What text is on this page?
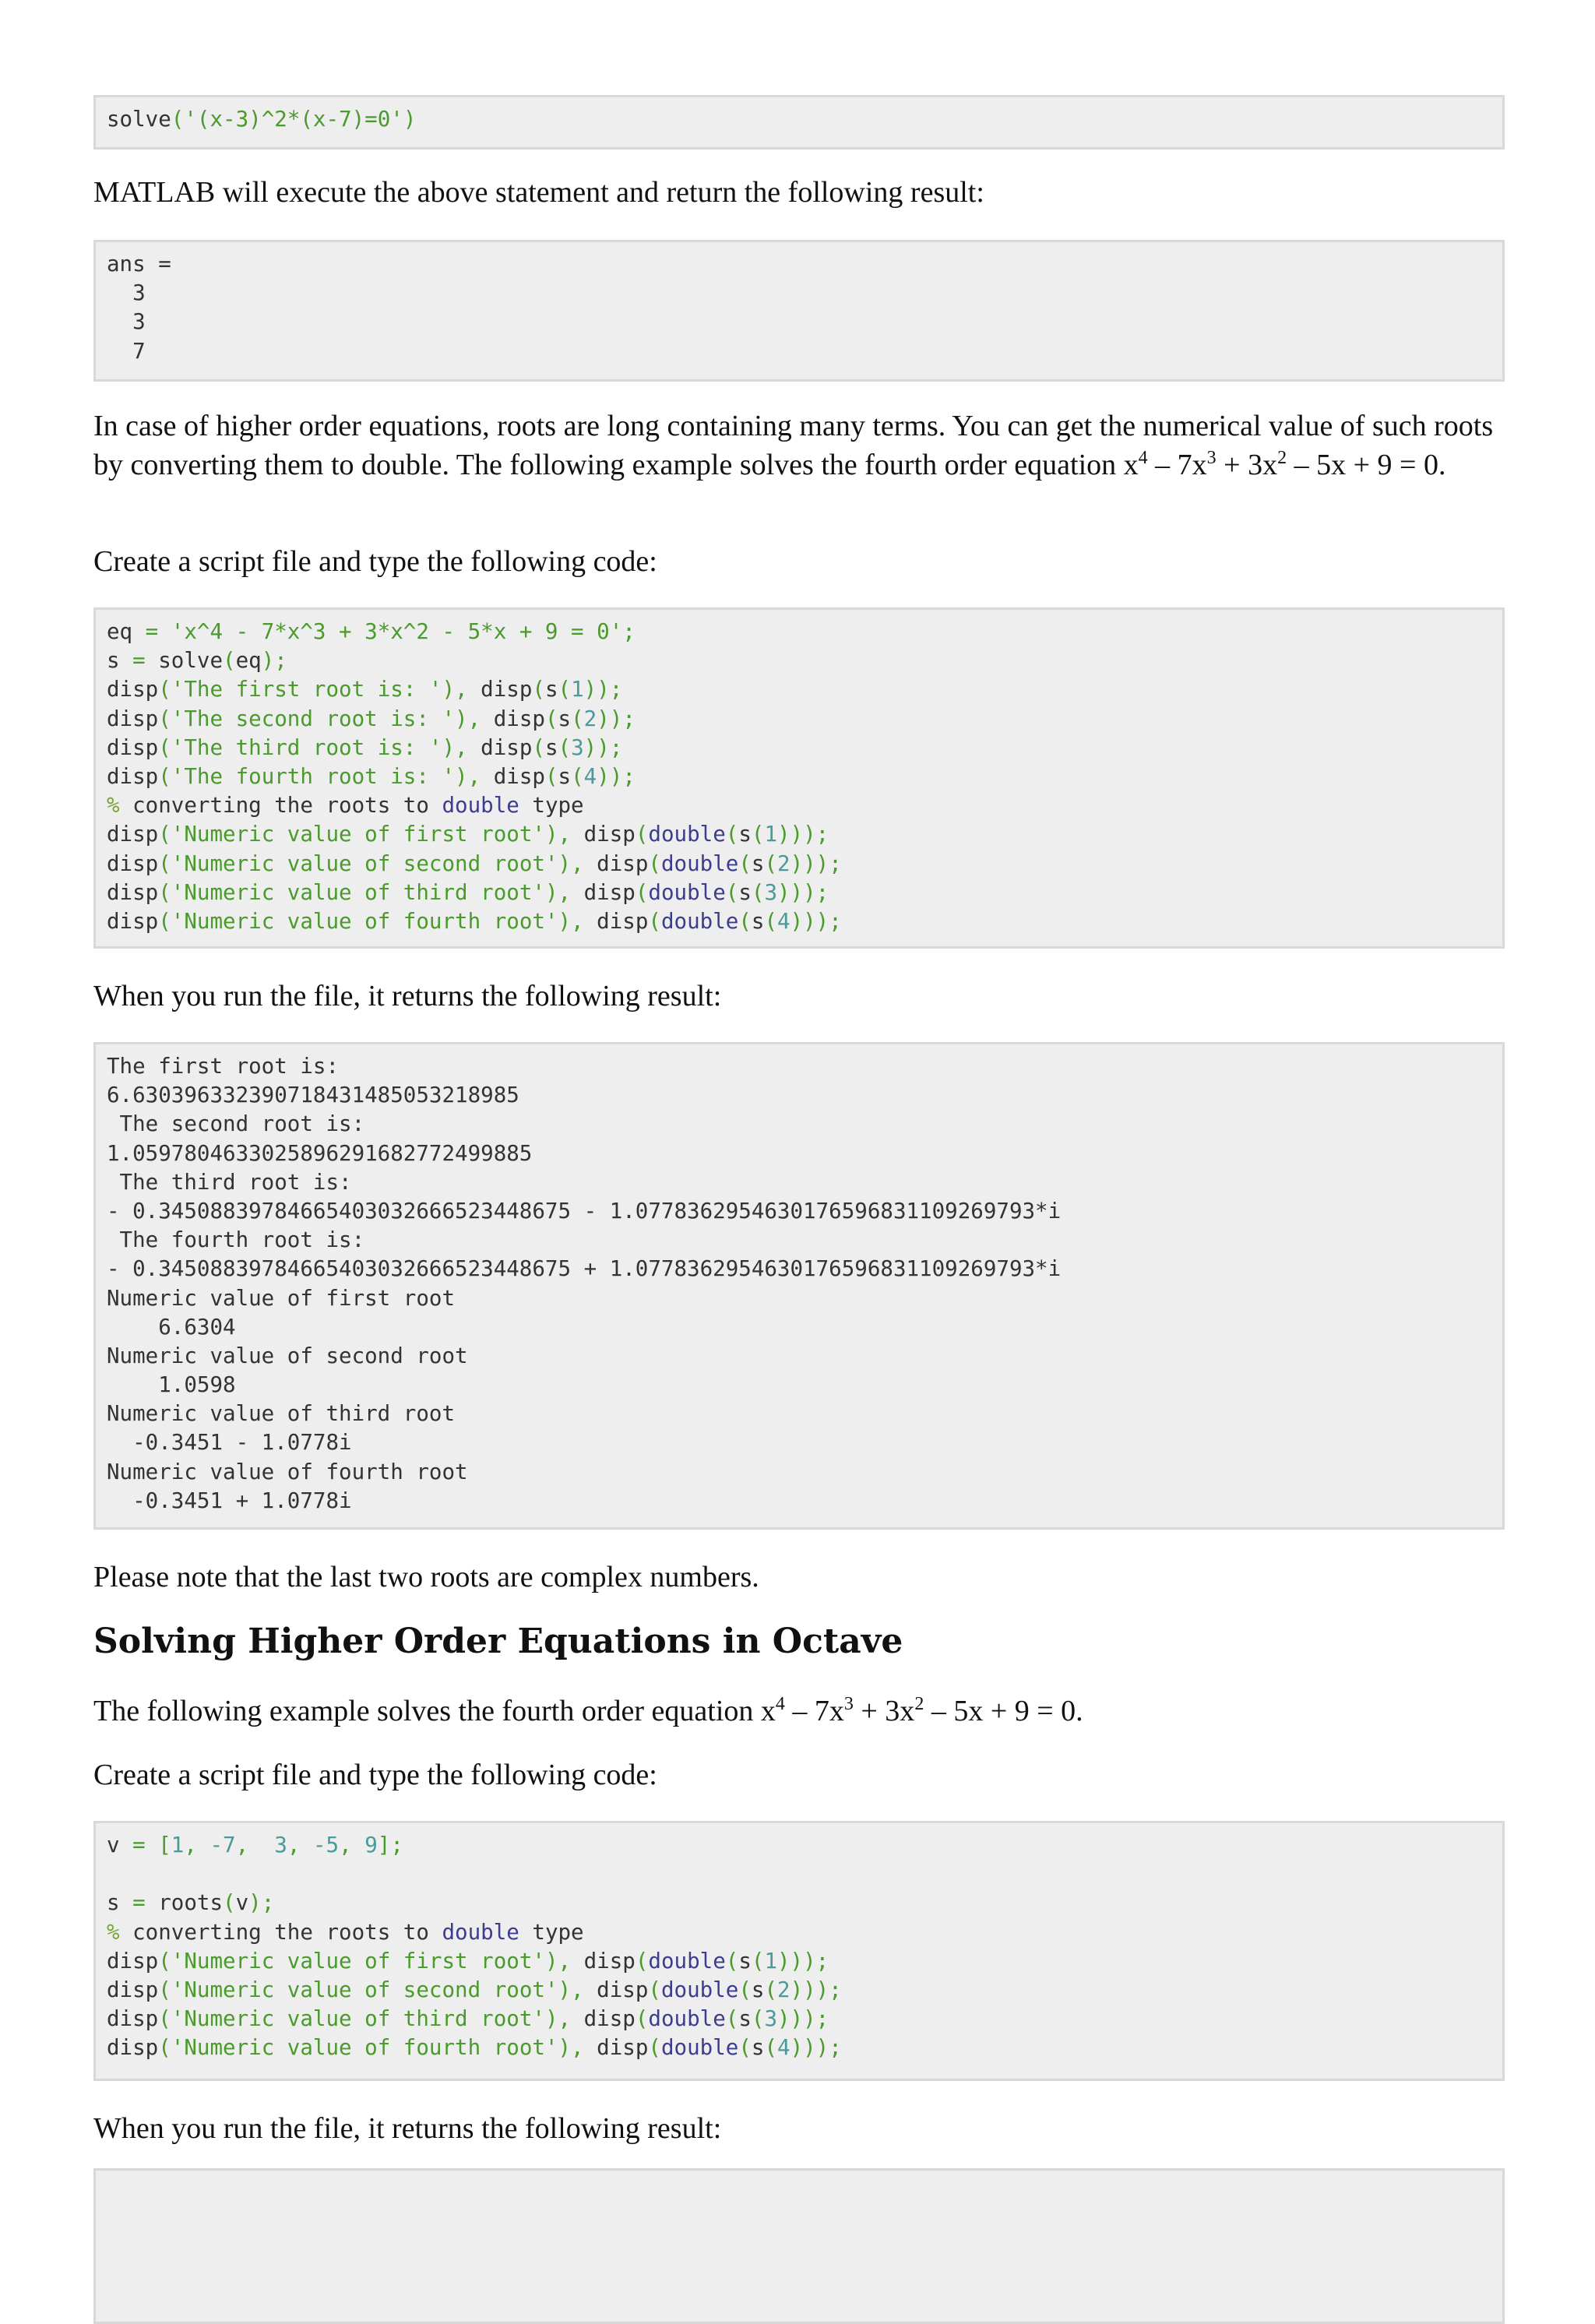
solve('(x-3)^2*(x-7)=0')

MATLAB will execute the above statement and return the following result:

ans =
3
3
7

In case of higher order equations, roots are long containing many terms. You can get the numerical value of such roots by converting them to double. The following example solves the fourth order equation $x^4 - 7x^3 + 3x^2 - 5x + 9 = 0$.

Create a script file and type the following code:

eq = 'x^4 - 7*x^3 + 3*x^2 - 5*x + 9 = 0';
s = solve(eq);
disp('The first root is: '), disp(s(1));
disp('The second root is: '), disp(s(2));
disp('The third root is: '), disp(s(3));
disp('The fourth root is: '), disp(s(4));
% converting the roots to double type
disp('Numeric value of first root'), disp(double(s(1)));
disp('Numeric value of second root'), disp(double(s(2)));
disp('Numeric value of third root'), disp(double(s(3)));
disp('Numeric value of fourth root'), disp(double(s(4)));

When you run the file, it returns the following result:

The first root is:
6.630396332390718431485053218985
The second root is:
1.0597804633025896291682772499885
The third root is:
- 0.34508839784665403032666523448675 - 1.0778362954630176596831109269793*i
The fourth root is:
- 0.34508839784665403032666523448675 + 1.0778362954630176596831109269793*i
Numeric value of first root
6.6304
Numeric value of second root
1.0598
Numeric value of third root
-0.3451 - 1.0778i
Numeric value of fourth root
-0.3451 + 1.0778i

Please note that the last two roots are complex numbers.

Solving Higher Order Equations in Octave

The following example solves the fourth order equation $x^4 - 7x^3 + 3x^2 - 5x + 9 = 0$.

Create a script file and type the following code:

v = [1, -7,  3, -5, 9];
s = roots(v);
% converting the roots to double type
disp('Numeric value of first root'), disp(double(s(1)));
disp('Numeric value of second root'), disp(double(s(2)));
disp('Numeric value of third root'), disp(double(s(3)));
disp('Numeric value of fourth root'), disp(double(s(4)));

When you run the file, it returns the following result:
